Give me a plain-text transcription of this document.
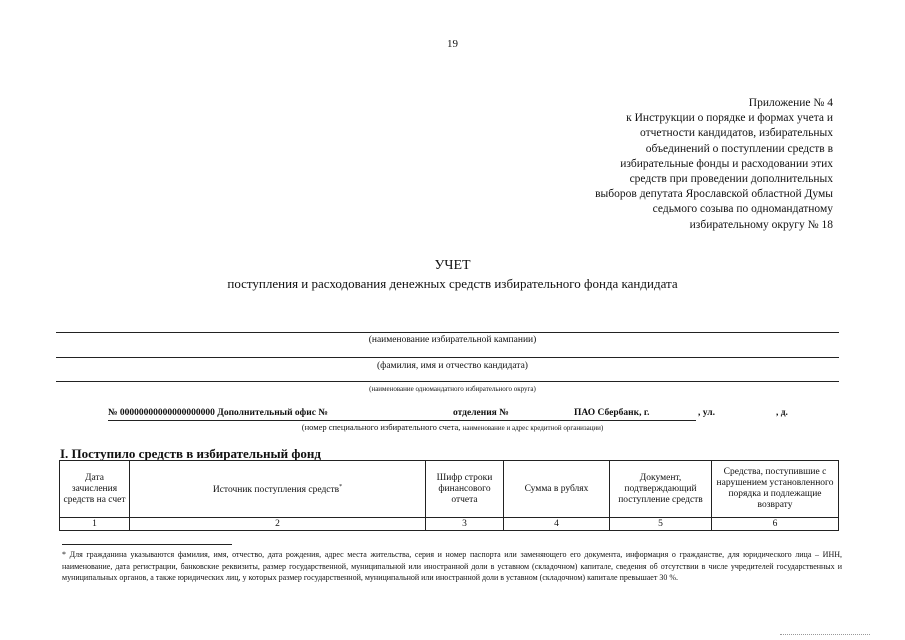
19
Приложение № 4
к Инструкции о порядке и формах учета и
отчетности кандидатов, избирательных
объединений о поступлении средств в
избирательные фонды и расходовании этих
средств при проведении дополнительных
выборов депутата Ярославской областной Думы
седьмого созыва по одномандатному
избирательному округу № 18
УЧЕТ
поступления и расходования денежных средств избирательного фонда кандидата
(наименование избирательной кампании)
(фамилия, имя и отчество кандидата)
(наименование одномандатного избирательного округа)
№ 00000000000000000000 Дополнительный офис №	отделения №	ПАО Сбербанк, г.	, ул.	, д.
(номер специального избирательного счета, наименование и адрес кредитной организации)
I. Поступило средств в избирательный фонд
Дата зачисления средств на счет	Источник поступления средств*	Шифр строки финансового отчета	Сумма в рублях	Документ, подтверждающий поступление средств	Средства, поступившие с нарушением установленного порядка и подлежащие возврату
1	2	3	4	5	6
* Для гражданина указываются фамилия, имя, отчество, дата рождения, адрес места жительства, серия и номер паспорта или заменяющего его документа, информация о гражданстве, для юридического лица – ИНН, наименование, дата регистрации, банковские реквизиты, размер государственной, муниципальной или иностранной доли в уставном (складочном) капитале, сведения об отсутствии в числе учредителей государственных и муниципальных органов, а также юридических лиц, у которых размер государственной, муниципальной или иностранной доли в уставном (складочном) капитале превышает 30 %.
